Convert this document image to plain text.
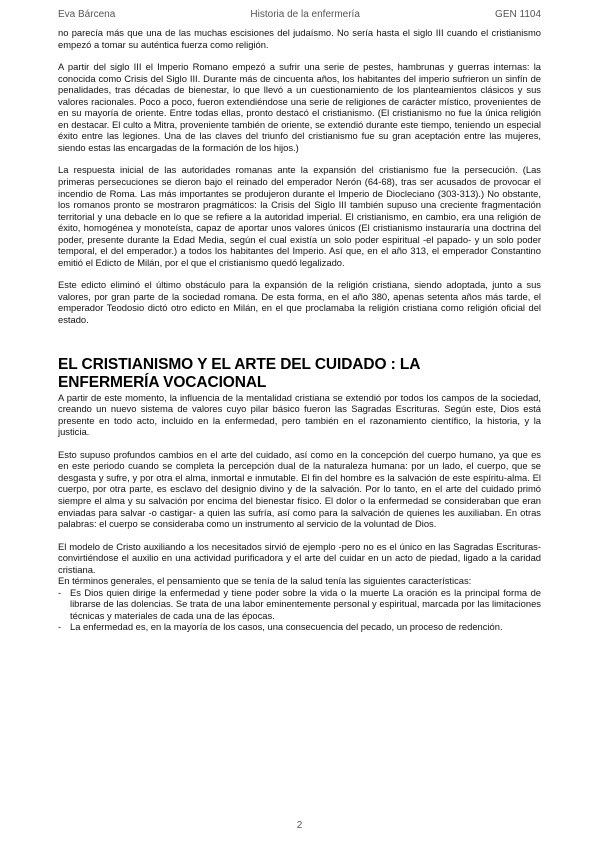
Eva Bárcena	Historia de la enfermería	GEN 1104

no parecía más que una de las muchas escisiones del judaísmo. No sería hasta el siglo III cuando el cristianismo empezó a tomar su auténtica fuerza como religión.

A partir del siglo III el Imperio Romano empezó a sufrir una serie de pestes, hambrunas y guerras internas: la conocida como Crisis del Siglo III. Durante más de cincuenta años, los habitantes del imperio sufrieron un sinfín de penalidades, tras décadas de bienestar, lo que llevó a un cuestionamiento de los planteamientos clásicos y sus valores racionales. Poco a poco, fueron extendiéndose una serie de religiones de carácter místico, provenientes de en su mayoría de oriente. Entre todas ellas, pronto destacó el cristianismo. (El cristianismo no fue la única religión en destacar. El culto a Mitra, proveniente también de oriente, se extendió durante este tiempo, teniendo un especial éxito entre las legiones. Una de las claves del triunfo del cristianismo fue su gran aceptación entre las mujeres, siendo estas las encargadas de la formación de los hijos.)

La respuesta inicial de las autoridades romanas ante la expansión del cristianismo fue la persecución. (Las primeras persecuciones se dieron bajo el reinado del emperador Nerón (64-68), tras ser acusados de provocar el incendio de Roma. Las más importantes se produjeron durante el Imperio de Diocleciano (303-313).) No obstante, los romanos pronto se mostraron pragmáticos: la Crisis del Siglo III también supuso una creciente fragmentación territorial y una debacle en lo que se refiere a la autoridad imperial. El cristianismo, en cambio, era una religión de éxito, homogénea y monoteísta, capaz de aportar unos valores únicos (El cristianismo instauraría una doctrina del poder, presente durante la Edad Media, según el cual existía un solo poder espiritual -el papado- y un solo poder temporal, el del emperador.) a todos los habitantes del Imperio. Así que, en el año 313, el emperador Constantino emitió el Edicto de Milán, por el que el cristianismo quedó legalizado.

Este edicto eliminó el último obstáculo para la expansión de la religión cristiana, siendo adoptada, junto a sus valores, por gran parte de la sociedad romana. De esta forma, en el año 380, apenas setenta años más tarde, el emperador Teodosio dictó otro edicto en Milán, en el que proclamaba la religión cristiana como religión oficial del estado.

EL CRISTIANISMO Y EL ARTE DEL CUIDADO : LA
ENFERMERÍA VOCACIONAL

A partir de este momento, la influencia de la mentalidad cristiana se extendió por todos los campos de la sociedad, creando un nuevo sistema de valores cuyo pilar básico fueron las Sagradas Escrituras. Según este, Dios está presente en todo acto, incluido en la enfermedad, pero también en el razonamiento científico, la historia, y la justicia.

Esto supuso profundos cambios en el arte del cuidado, así como en la concepción del cuerpo humano, ya que es en este periodo cuando se completa la percepción dual de la naturaleza humana: por un lado, el cuerpo, que se desgasta y sufre, y por otra el alma, inmortal e inmutable. El fin del hombre es la salvación de este espíritu-alma. El cuerpo, por otra parte, es esclavo del designio divino y de la salvación. Por lo tanto, en el arte del cuidado primó siempre el alma y su salvación por encima del bienestar físico. El dolor o la enfermedad se consideraban que eran enviadas para salvar -o castigar- a quien las sufría, así como para la salvación de quienes les auxiliaban. En otras palabras: el cuerpo se consideraba como un instrumento al servicio de la voluntad de Dios.

El modelo de Cristo auxiliando a los necesitados sirvió de ejemplo -pero no es el único en las Sagradas Escrituras- convirtiéndose el auxilio en una actividad purificadora y el arte del cuidar en un acto de piedad, ligado a la caridad cristiana.

En términos generales, el pensamiento que se tenía de la salud tenía las siguientes características:

- Es Dios quien dirige la enfermedad y tiene poder sobre la vida o la muerte La oración es la principal forma de librarse de las dolencias. Se trata de una labor eminentemente personal y espiritual, marcada por las limitaciones técnicas y materiales de cada una de las épocas.
- La enfermedad es, en la mayoría de los casos, una consecuencia del pecado, un proceso de redención.
2
